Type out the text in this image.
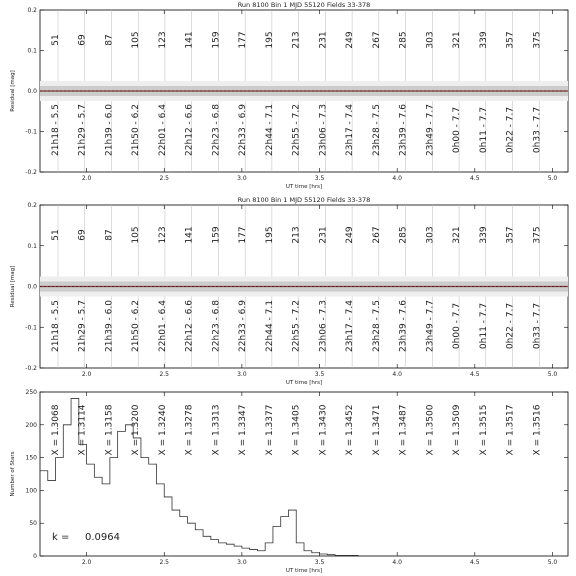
Run 8100 Bin 1 MJD 55120 Fields 33-378
2.0	2.5	3.0	3.5	4.0	4.5	5.0
0.2
0.1
0.0
-0.1
-0.2
UT time [hrs]
Residual [mag]
51
21h18 - 5.5
69
21h29 - 5.7
87
21h39 - 6.0
105
21h50 - 6.2
123
22h01 - 6.4
141
22h12 - 6.6
159
22h23 - 6.8
177
22h33 - 6.9
195
22h44 - 7.1
213
22h55 - 7.2
231
23h06 - 7.3
249
23h17 - 7.4
267
23h28 - 7.5
285
23h39 - 7.6
303
23h49 - 7.7
321
0h00 - 7.7
339
0h11 - 7.7
357
0h22 - 7.7
375
0h33 - 7.7
Run 8100 Bin 1 MJD 55120 Fields 33-378
2.0	2.5	3.0	3.5	4.0	4.5	5.0
0.2
0.1
0.0
-0.1
-0.2
UT time [hrs]
Residual [mag]
51
21h18 - 5.5
69
21h29 - 5.7
87
21h39 - 6.0
105
21h50 - 6.2
123
22h01 - 6.4
141
22h12 - 6.6
159
22h23 - 6.8
177
22h33 - 6.9
195
22h44 - 7.1
213
22h55 - 7.2
231
23h06 - 7.3
249
23h17 - 7.4
267
23h28 - 7.5
285
23h39 - 7.6
303
23h49 - 7.7
321
0h00 - 7.7
339
0h11 - 7.7
357
0h22 - 7.7
375
0h33 - 7.7
2.0	2.5	3.0	3.5	4.0	4.5	5.0
0
50
100
150
200
250
UT time [hrs]
Number of Stars
X = 1.3068 X = 1.3114 X = 1.3158 X = 1.3200 X = 1.3240 X = 1.3278 X = 1.3313 X = 1.3347 X = 1.3377 X = 1.3405 X = 1.3430 X = 1.3452 X = 1.3471 X = 1.3487 X = 1.3500 X = 1.3509 X = 1.3515 X = 1.3517 X = 1.3516
k = 0.0964
